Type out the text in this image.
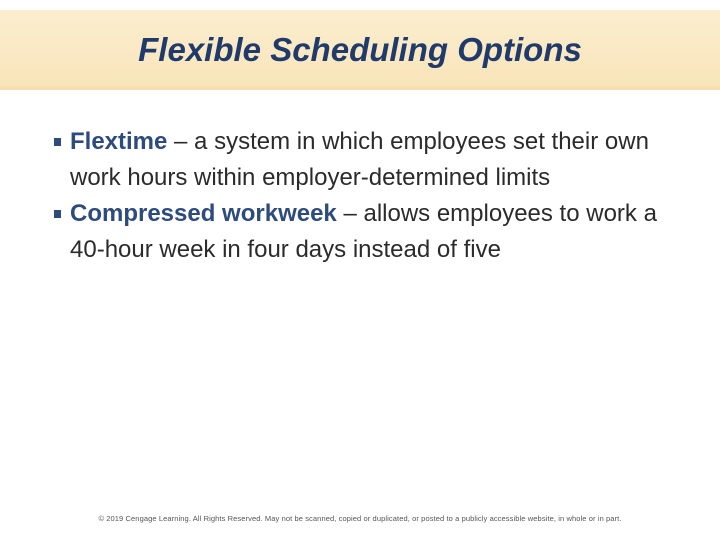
Flexible Scheduling Options
Flextime – a system in which employees set their own work hours within employer-determined limits
Compressed workweek – allows employees to work a 40-hour week in four days instead of five
© 2019 Cengage Learning. All Rights Reserved. May not be scanned, copied or duplicated, or posted to a publicly accessible website, in whole or in part.
